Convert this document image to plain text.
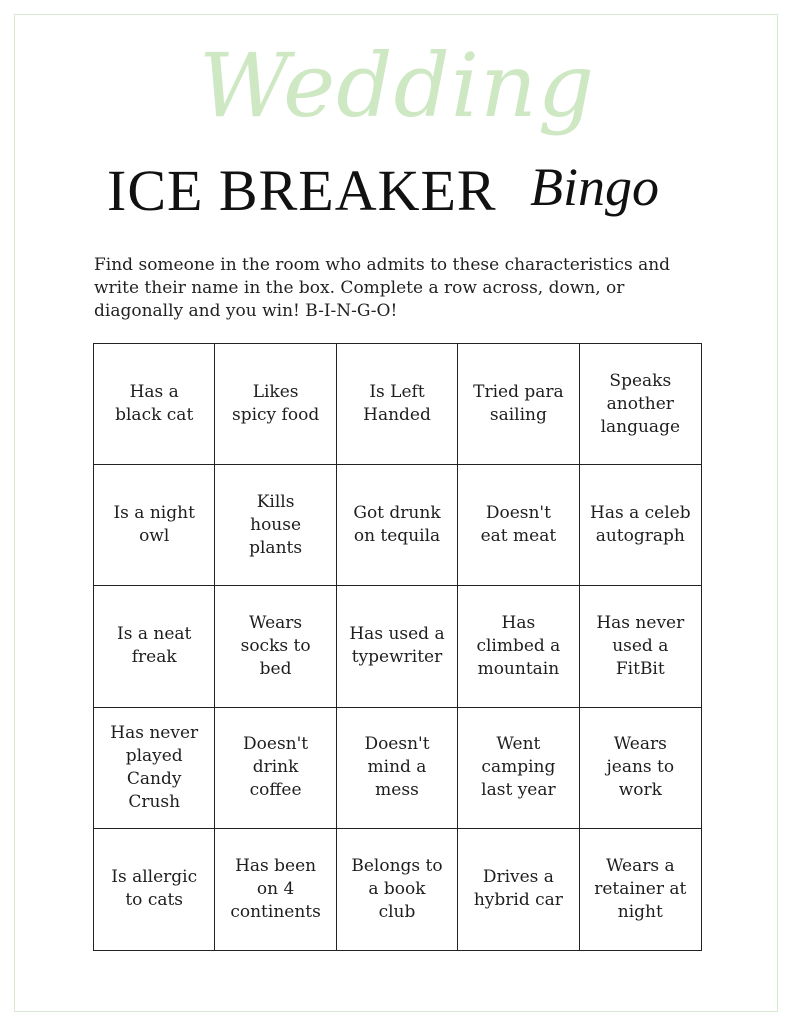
Wedding
ICE BREAKER Bingo
Find someone in the room who admits to these characteristics and write their name in the box. Complete a row across, down, or diagonally and you win! B-I-N-G-O!
Has a
black cat
Likes
spicy food
Is Left
Handed
Tried para
sailing
Speaks
another
language
Is a night
owl
Kills
house
plants
Got drunk
on tequila
Doesn't
eat meat
Has a celeb
autograph
Is a neat
freak
Wears
socks to
bed
Has used a
typewriter
Has
climbed a
mountain
Has never
used a
FitBit
Has never
played
Candy
Crush
Doesn't
drink
coffee
Doesn't
mind a
mess
Went
camping
last year
Wears
jeans to
work
Is allergic
to cats
Has been
on 4
continents
Belongs to
a book
club
Drives a
hybrid car
Wears a
retainer at
night
